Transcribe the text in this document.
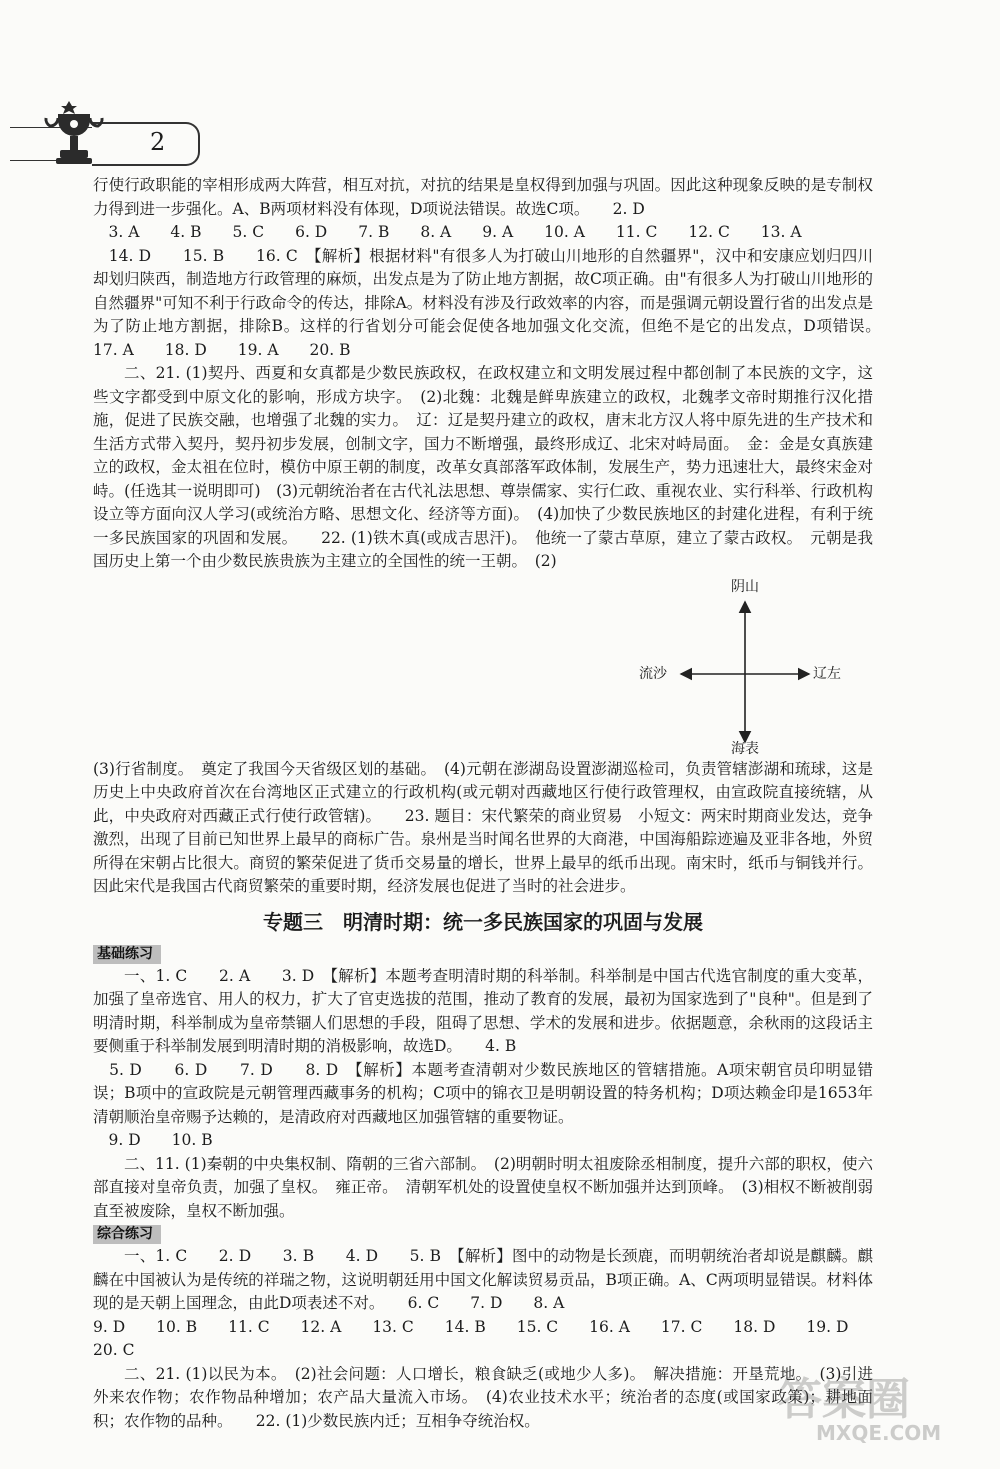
2

行使行政职能的宰相形成两大阵营，相互对抗，对抗的结果是皇权得到加强与巩固。因此这种现象反映的是专制权力得到进一步强化。A、B两项材料没有体现，D项说法错误。故选C项。　　2. D

　3. A　　4. B　　5. C　　6. D　　7. B　　8. A　　9. A　　10. A　　11. C　　12. C　　13. A

　14. D　　15. B　　16. C　【解析】根据材料"有很多人为打破山川地形的自然疆界"，汉中和安康应划归四川却划归陕西，制造地方行政管理的麻烦，出发点是为了防止地方割据，故C项正确。由"有很多人为打破山川地形的自然疆界"可知不利于行政命令的传达，排除A。材料没有涉及行政效率的内容，而是强调元朝设置行省的出发点是为了防止地方割据，排除B。这样的行省划分可能会促使各地加强文化交流，但绝不是它的出发点，D项错误。　　17. A　　18. D　　19. A　　20. B

二、21. (1)契丹、西夏和女真都是少数民族政权，在政权建立和文明发展过程中都创制了本民族的文字，这些文字都受到中原文化的影响，形成方块字。　(2)北魏：北魏是鲜卑族建立的政权，北魏孝文帝时期推行汉化措施，促进了民族交融，也增强了北魏的实力。　辽：辽是契丹建立的政权，唐末北方汉人将中原先进的生产技术和生活方式带入契丹，契丹初步发展，创制文字，国力不断增强，最终形成辽、北宋对峙局面。　金：金是女真族建立的政权，金太祖在位时，模仿中原王朝的制度，改革女真部落军政体制，发展生产，势力迅速壮大，最终宋金对峙。(任选其一说明即可)　(3)元朝统治者在古代礼法思想、尊崇儒家、实行仁政、重视农业、实行科举、行政机构设立等方面向汉人学习(或统治方略、思想文化、经济等方面)。　(4)加快了少数民族地区的封建化进程，有利于统一多民族国家的巩固和发展。　　22. (1)铁木真(或成吉思汗)。　他统一了蒙古草原，建立了蒙古政权。　元朝是我国历史上第一个由少数民族贵族为主建立的全国性的统一王朝。　(2)

阴山
流沙	辽左
海表

(3)行省制度。　奠定了我国今天省级区划的基础。　(4)元朝在澎湖岛设置澎湖巡检司，负责管辖澎湖和琉球，这是历史上中央政府首次在台湾地区正式建立的行政机构(或元朝对西藏地区行使行政管理权，由宣政院直接统辖，从此，中央政府对西藏正式行使行政管辖)。　　23. 题目：宋代繁荣的商业贸易　小短文：两宋时期商业发达，竞争激烈，出现了目前已知世界上最早的商标广告。泉州是当时闻名世界的大商港，中国海船踪迹遍及亚非各地，外贸所得在宋朝占比很大。商贸的繁荣促进了货币交易量的增长，世界上最早的纸币出现。南宋时，纸币与铜钱并行。因此宋代是我国古代商贸繁荣的重要时期，经济发展也促进了当时的社会进步。

专题三　明清时期：统一多民族国家的巩固与发展
基础练习

一、1. C　　2. A　　3. D　【解析】本题考查明清时期的科举制。科举制是中国古代选官制度的重大变革，加强了皇帝选官、用人的权力，扩大了官吏选拔的范围，推动了教育的发展，最初为国家选到了"良种"。但是到了明清时期，科举制成为皇帝禁锢人们思想的手段，阻碍了思想、学术的发展和进步。依据题意，余秋雨的这段话主要侧重于科举制发展到明清时期的消极影响，故选D。　　4. B

　5. D　　6. D　　7. D　　8. D　【解析】本题考查清朝对少数民族地区的管辖措施。A项宋朝官员印明显错误；B项中的宣政院是元朝管理西藏事务的机构；C项中的锦衣卫是明朝设置的特务机构；D项达赖金印是1653年清朝顺治皇帝赐予达赖的，是清政府对西藏地区加强管辖的重要物证。

　9. D　　10. B

二、11. (1)秦朝的中央集权制、隋朝的三省六部制。　(2)明朝时明太祖废除丞相制度，提升六部的职权，使六部直接对皇帝负责，加强了皇权。　雍正帝。　清朝军机处的设置使皇权不断加强并达到顶峰。　(3)相权不断被削弱直至被废除，皇权不断加强。

综合练习

一、1. C　　2. D　　3. B　　4. D　　5. B　【解析】图中的动物是长颈鹿，而明朝统治者却说是麒麟。麒麟在中国被认为是传统的祥瑞之物，这说明朝廷用中国文化解读贸易贡品，B项正确。A、C两项明显错误。材料体现的是天朝上国理念，由此D项表述不对。　　6. C　　7. D　　8. A

9. D　　10. B　　11. C　　12. A　　13. C　　14. B　　15. C　　16. A　　17. C　　18. D　　19. D

20. C

二、21. (1)以民为本。　(2)社会问题：人口增长，粮食缺乏(或地少人多)。　解决措施：开垦荒地。　(3)引进外来农作物；农作物品种增加；农产品大量流入市场。　(4)农业技术水平；统治者的态度(或国家政策)；耕地面积；农作物的品种。　　22. (1)少数民族内迁；互相争夺统治权。	答案圈
MXQE.COM
